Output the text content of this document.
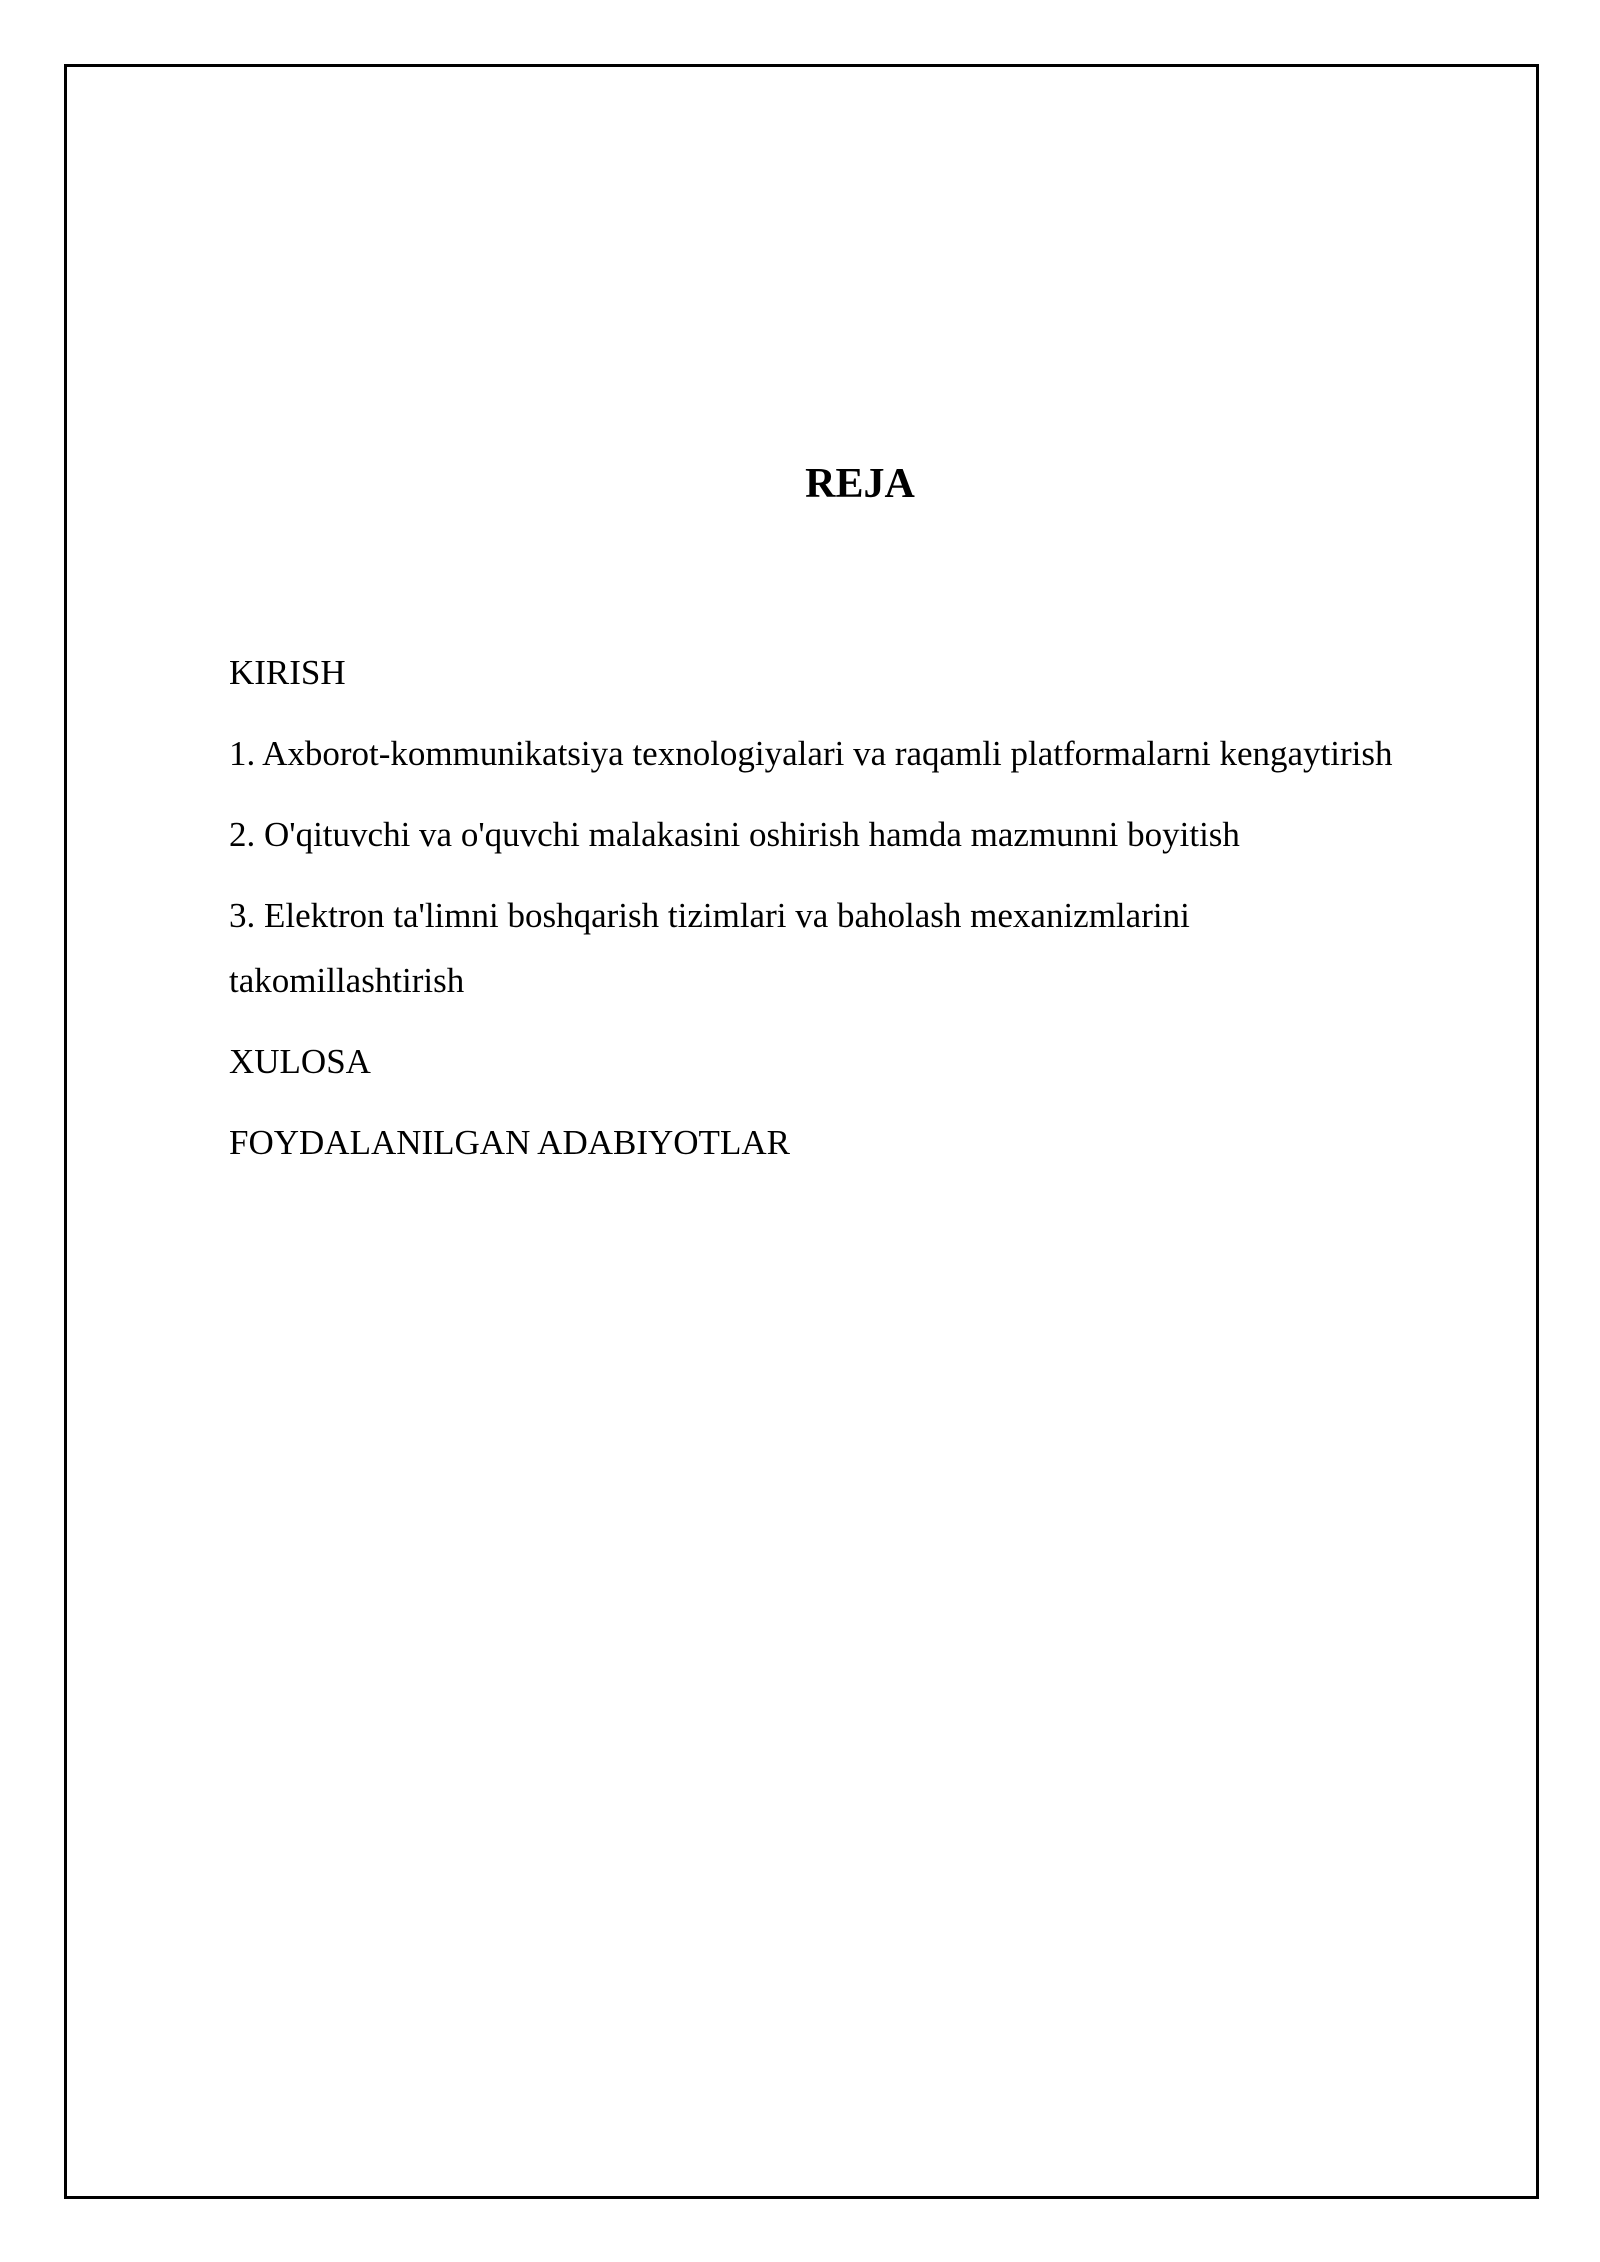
REJA
KIRISH
1. Axborot-kommunikatsiya texnologiyalari va raqamli platformalarni kengaytirish
2. O'qituvchi va o'quvchi malakasini oshirish hamda mazmunni boyitish
3. Elektron ta'limni boshqarish tizimlari va baholash mexanizmlarini takomillashtirish
XULOSA
FOYDALANILGAN ADABIYOTLAR
